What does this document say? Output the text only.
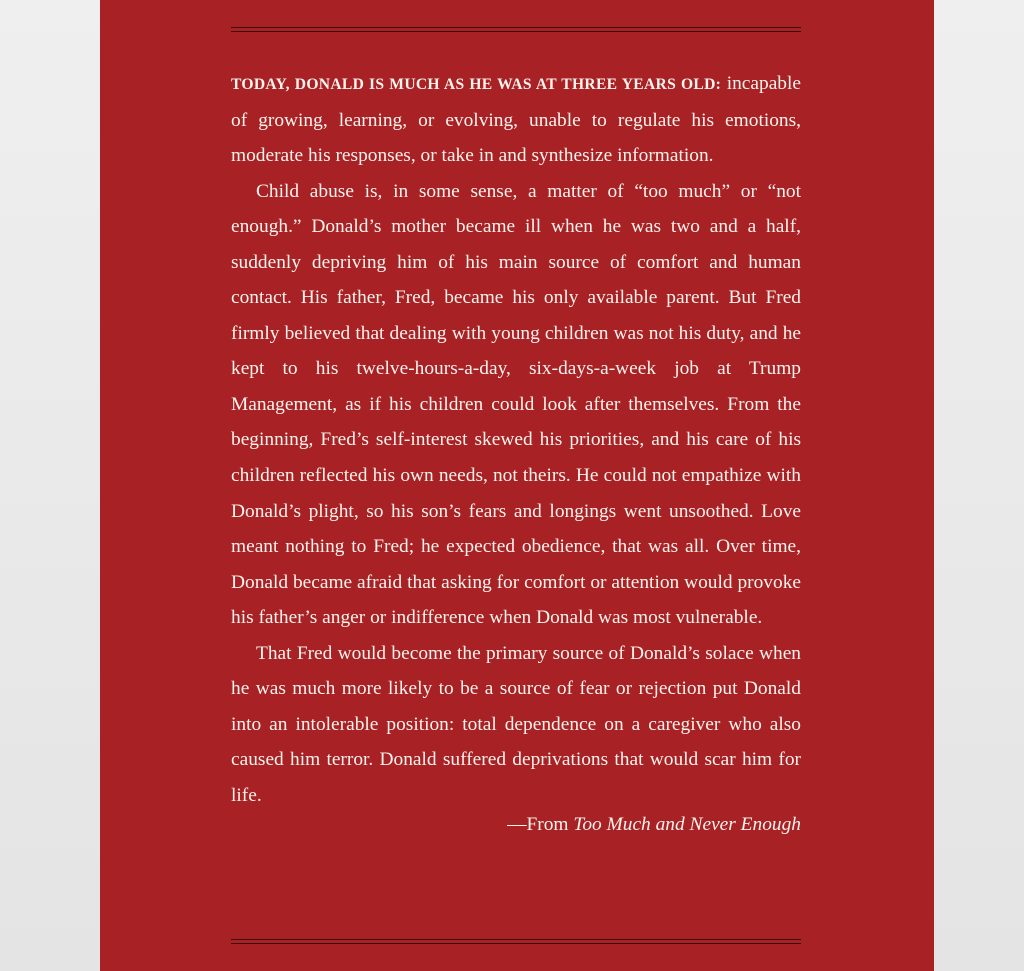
TODAY, DONALD IS MUCH AS HE WAS AT THREE YEARS OLD: incapable of growing, learning, or evolving, unable to regulate his emotions, moderate his responses, or take in and synthesize information.

Child abuse is, in some sense, a matter of “too much” or “not enough.” Donald’s mother became ill when he was two and a half, suddenly depriving him of his main source of comfort and human contact. His father, Fred, became his only available parent. But Fred firmly believed that dealing with young children was not his duty, and he kept to his twelve-hours-a-day, six-days-a-week job at Trump Management, as if his children could look after themselves. From the beginning, Fred’s self-interest skewed his priorities, and his care of his children reflected his own needs, not theirs. He could not empathize with Donald’s plight, so his son’s fears and longings went unsoothed. Love meant nothing to Fred; he expected obedience, that was all. Over time, Donald became afraid that asking for comfort or attention would provoke his father’s anger or indifference when Donald was most vulnerable.

That Fred would become the primary source of Donald’s solace when he was much more likely to be a source of fear or rejection put Donald into an intolerable position: total dependence on a caregiver who also caused him terror. Donald suffered deprivations that would scar him for life.

—From Too Much and Never Enough
